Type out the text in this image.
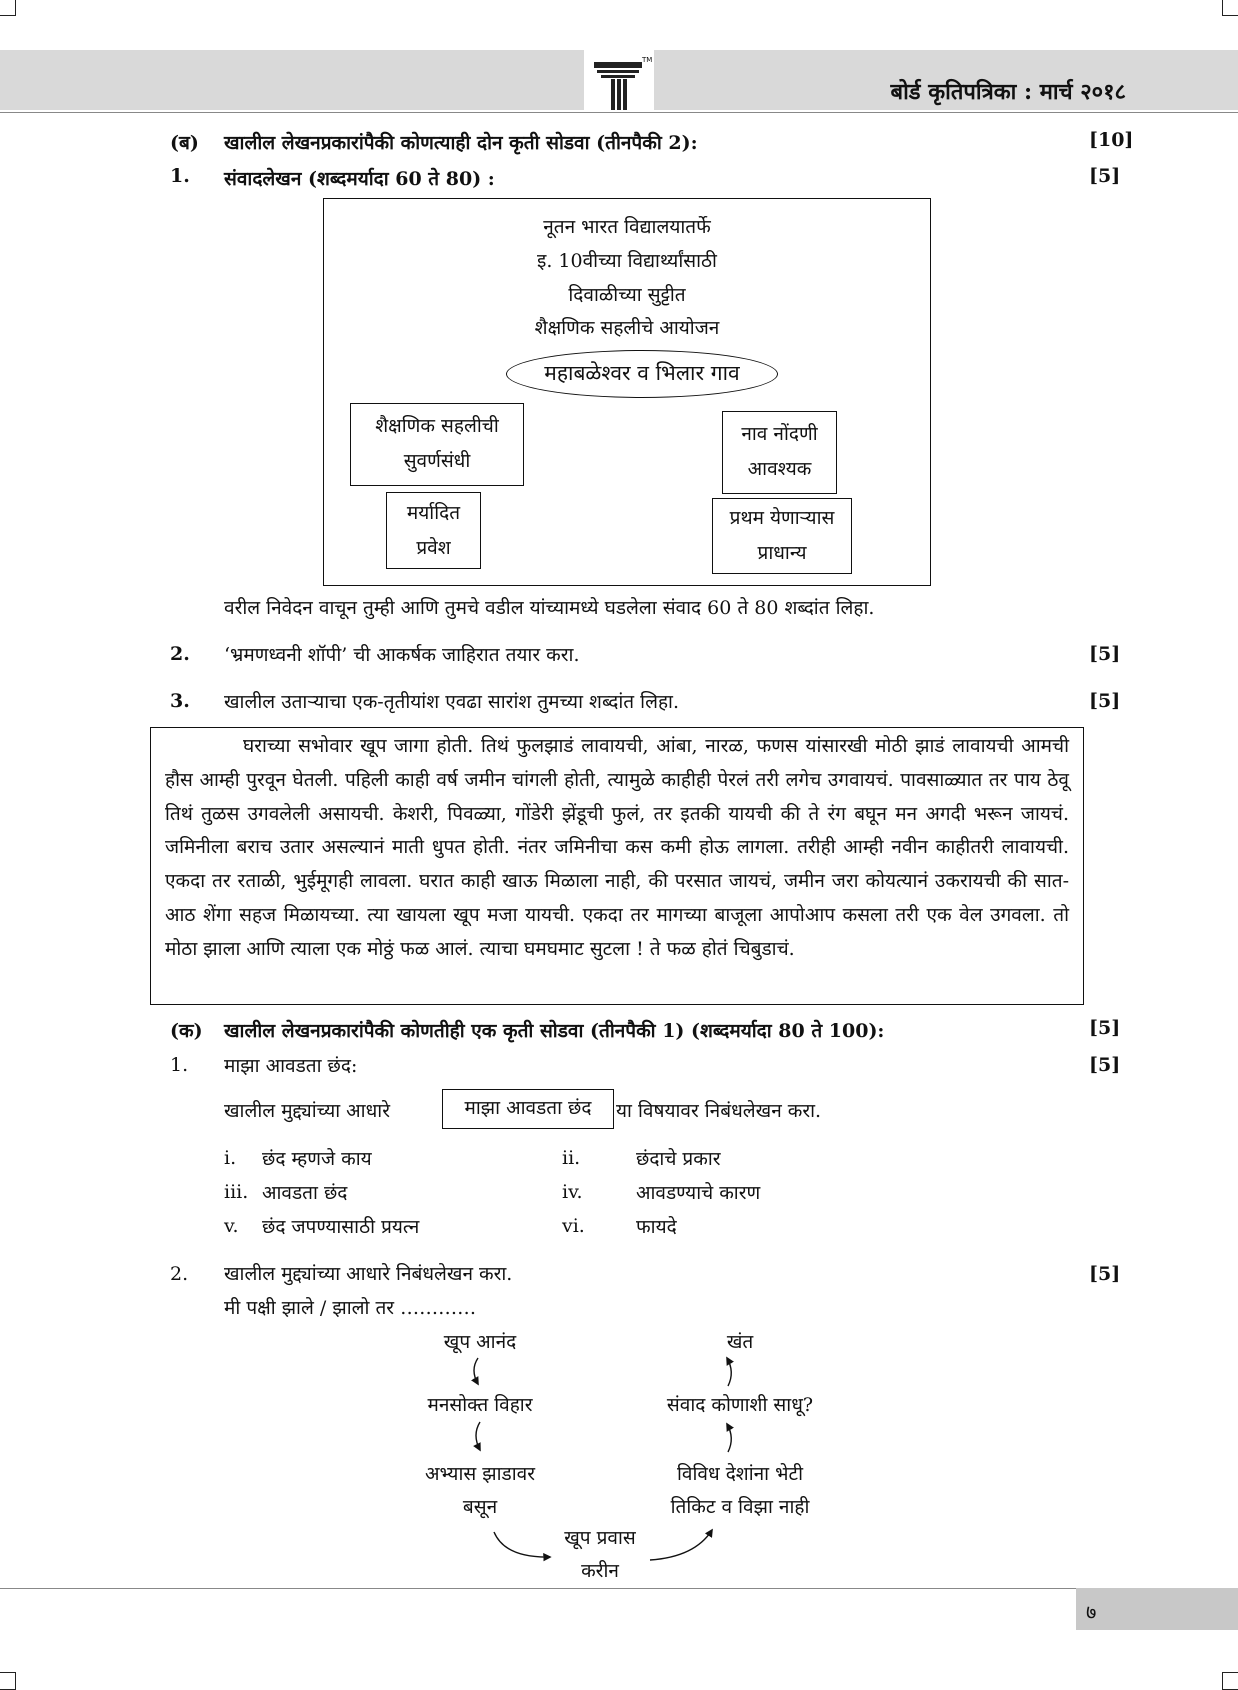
TM
बोर्ड कृतिपत्रिका : मार्च २०१८
(ब) खालील लेखनप्रकारांपैकी कोणत्याही दोन कृती सोडवा (तीनपैकी 2):	[10]
1. संवादलेखन (शब्दमर्यादा 60 ते 80) :	[5]
नूतन भारत विद्यालयातर्फे
इ. 10वीच्या विद्यार्थ्यांसाठी
दिवाळीच्या सुट्टीत
शैक्षणिक सहलीचे आयोजन
महाबळेश्वर व भिलार गाव
शैक्षणिक सहलीची
सुवर्णसंधी
मर्यादित
प्रवेश
नाव नोंदणी
आवश्यक
प्रथम येणाऱ्यास
प्राधान्य
वरील निवेदन वाचून तुम्ही आणि तुमचे वडील यांच्यामध्ये घडलेला संवाद 60 ते 80 शब्दांत लिहा.
2. ‘भ्रमणध्वनी शॉपी’ ची आकर्षक जाहिरात तयार करा.	[5]
3. खालील उताऱ्याचा एक-तृतीयांश एवढा सारांश तुमच्या शब्दांत लिहा.	[5]

घराच्या सभोवार खूप जागा होती. तिथं फुलझाडं लावायची, आंबा, नारळ, फणस यांसारखी मोठी झाडं लावायची आमची हौस आम्ही पुरवून घेतली. पहिली काही वर्ष जमीन चांगली होती, त्यामुळे काहीही पेरलं तरी लगेच उगवायचं. पावसाळ्यात तर पाय ठेवू तिथं तुळस उगवलेली असायची. केशरी, पिवळ्या, गोंडेरी झेंडूची फुलं, तर इतकी यायची की ते रंग बघून मन अगदी भरून जायचं. जमिनीला बराच उतार असल्यानं माती धुपत होती. नंतर जमिनीचा कस कमी होऊ लागला. तरीही आम्ही नवीन काहीतरी लावायची. एकदा तर रताळी, भुईमूगही लावला. घरात काही खाऊ मिळाला नाही, की परसात जायचं, जमीन जरा कोयत्यानं उकरायची की सात-आठ शेंगा सहज मिळायच्या. त्या खायला खूप मजा यायची. एकदा तर मागच्या बाजूला आपोआप कसला तरी एक वेल उगवला. तो मोठा झाला आणि त्याला एक मोठ्ठं फळ आलं. त्याचा घमघमाट सुटला ! ते फळ होतं चिबुडाचं.

(क) खालील लेखनप्रकारांपैकी कोणतीही एक कृती सोडवा (तीनपैकी 1) (शब्दमर्यादा 80 ते 100):	[5]
1. माझा आवडता छंद:	[5]
खालील मुद्द्यांच्या आधारे	माझा आवडता छंद	या विषयावर निबंधलेखन करा.
i. छंद म्हणजे काय	ii.	छंदाचे प्रकार
iii. आवडता छंद	iv.	आवडण्याचे कारण
v. छंद जपण्यासाठी प्रयत्न	vi.	फायदे
2. खालील मुद्द्यांच्या आधारे निबंधलेखन करा.	[5]
मी पक्षी झाले / झालो तर …………
खूप आनंद
मनसोक्त विहार
अभ्यास झाडावर
बसून
खूप प्रवास
करीन
विविध देशांना भेटी
तिकिट व विझा नाही
संवाद कोणाशी साधू?
खंत
७
